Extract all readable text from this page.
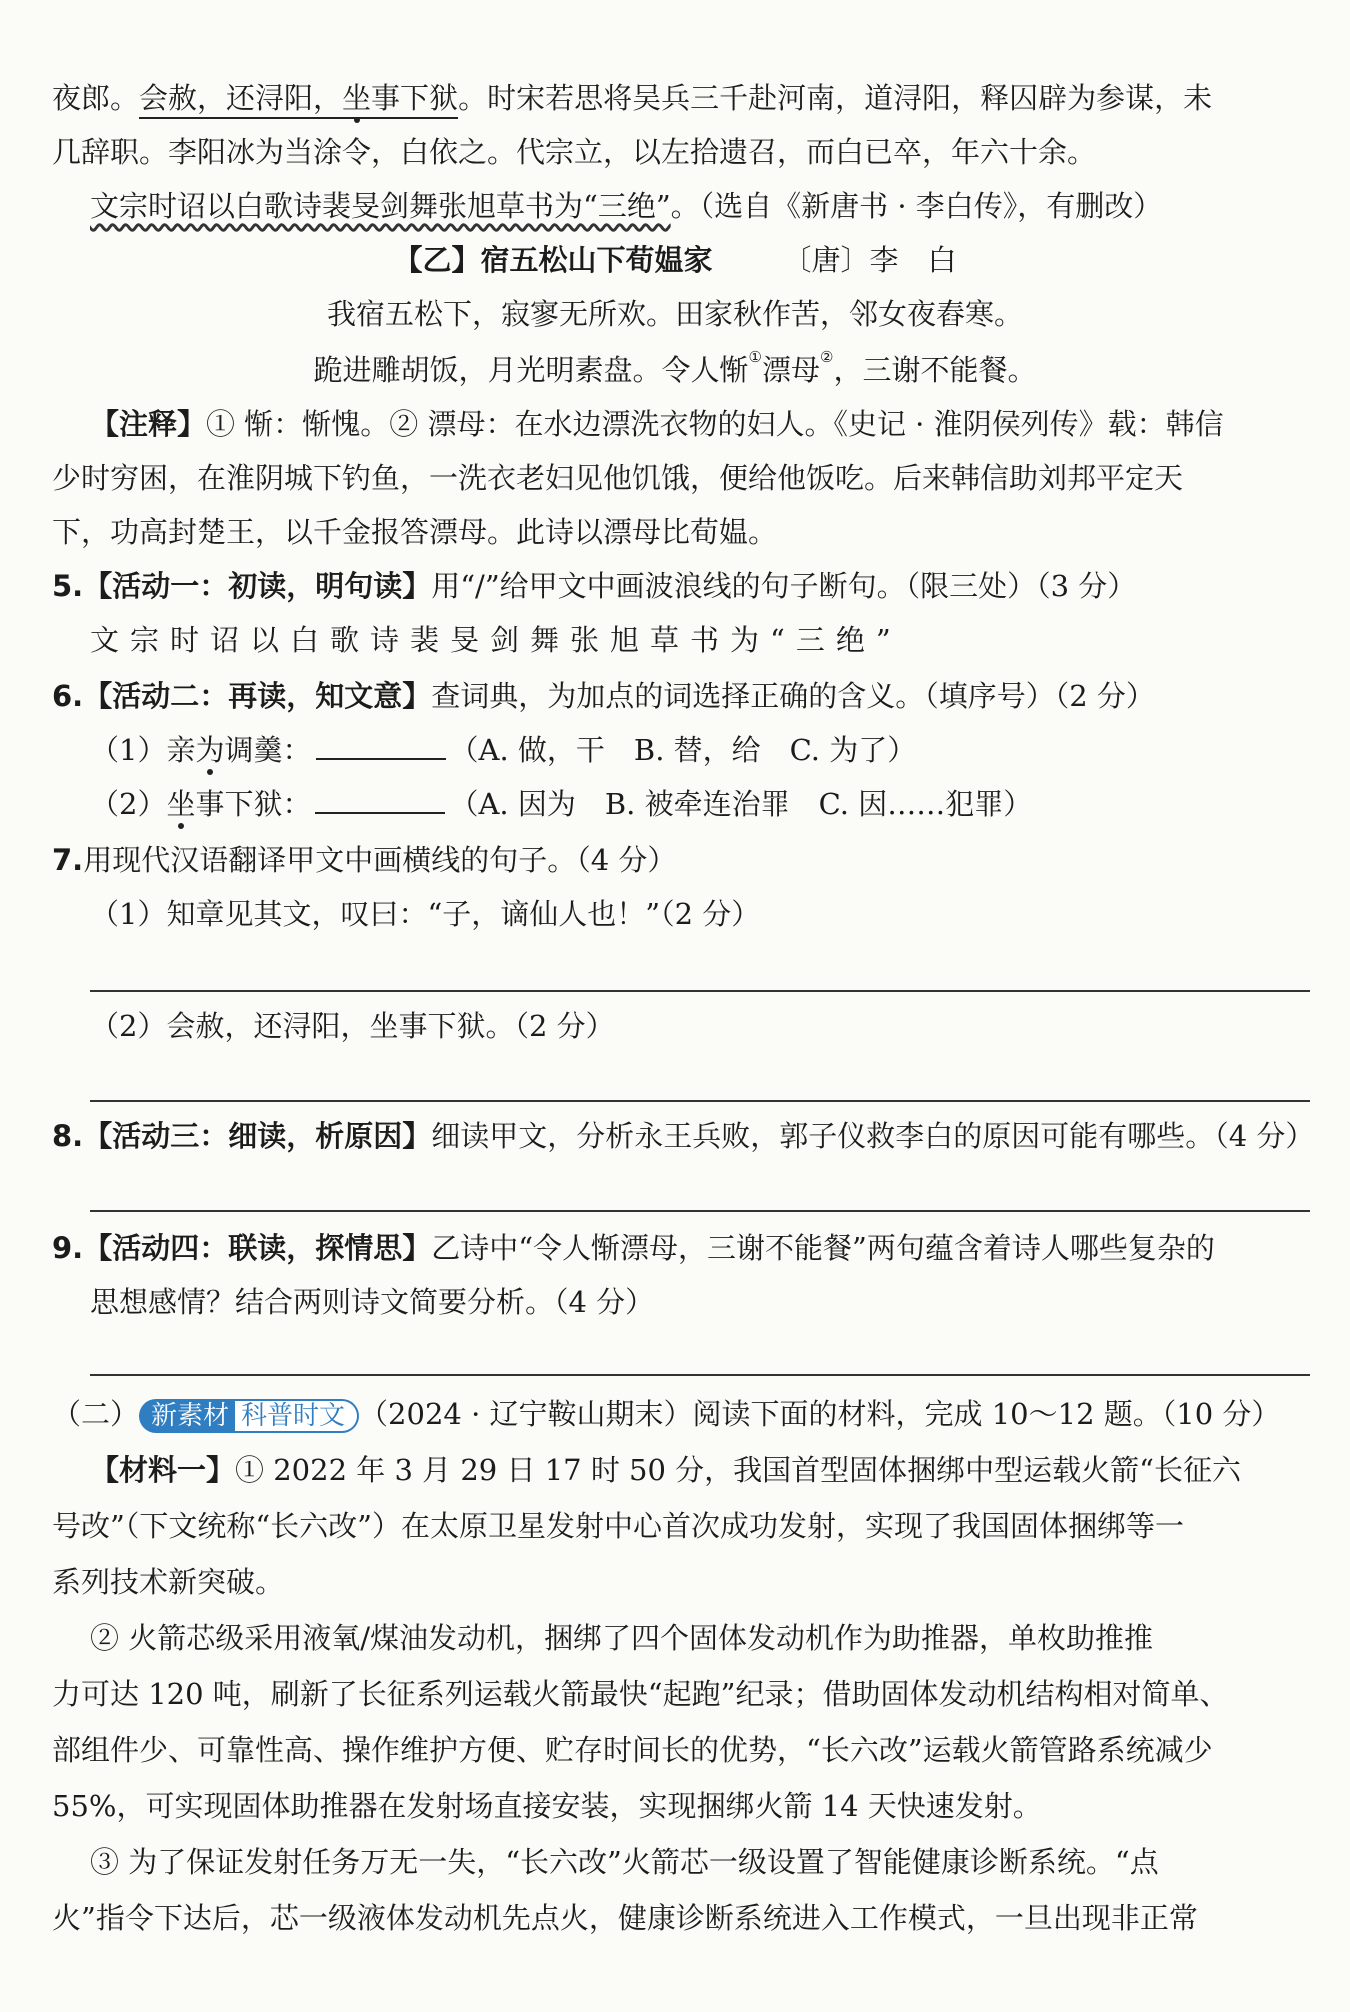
夜郎。会赦，还浔阳，坐事下狱。时宋若思将吴兵三千赴河南，道浔阳，释囚辟为参谋，未
几辞职。李阳冰为当涂令，白依之。代宗立，以左拾遗召，而白已卒，年六十余。
文宗时诏以白歌诗裴旻剑舞张旭草书为“三绝”。（选自《新唐书 · 李白传》，有删改）
【乙】宿五松山下荀媪家 〔唐〕李　白
我宿五松下，寂寥无所欢。田家秋作苦，邻女夜舂寒。
跪进雕胡饭，月光明素盘。令人惭①漂母②，三谢不能餐。
【注释】① 惭：惭愧。② 漂母：在水边漂洗衣物的妇人。《史记 · 淮阴侯列传》载：韩信
少时穷困，在淮阴城下钓鱼，一洗衣老妇见他饥饿，便给他饭吃。后来韩信助刘邦平定天
下，功高封楚王，以千金报答漂母。此诗以漂母比荀媪。
5.【活动一：初读，明句读】用“/”给甲文中画波浪线的句子断句。（限三处）（3 分）
文宗时诏以白歌诗裴旻剑舞张旭草书为“三绝”
6.【活动二：再读，知文意】查词典，为加点的词选择正确的含义。（填序号）（2 分）
（1）亲为调羹：	（A. 做，干　B. 替，给　C. 为了）
（2）坐事下狱：	（A. 因为　B. 被牵连治罪　C. 因……犯罪）
7.用现代汉语翻译甲文中画横线的句子。（4 分）
（1）知章见其文，叹曰：“子，谪仙人也！”（2 分）
（2）会赦，还浔阳，坐事下狱。（2 分）
8.【活动三：细读，析原因】细读甲文，分析永王兵败，郭子仪救李白的原因可能有哪些。（4 分）
9.【活动四：联读，探情思】乙诗中“令人惭漂母，三谢不能餐”两句蕴含着诗人哪些复杂的
思想感情？结合两则诗文简要分析。（4 分）
（二） 新素材 科普时文 （2024 · 辽宁鞍山期末）阅读下面的材料，完成 10～12 题。（10 分）
【材料一】① 2022 年 3 月 29 日 17 时 50 分，我国首型固体捆绑中型运载火箭“长征六
号改”（下文统称“长六改”）在太原卫星发射中心首次成功发射，实现了我国固体捆绑等一
系列技术新突破。
② 火箭芯级采用液氧/煤油发动机，捆绑了四个固体发动机作为助推器，单枚助推推
力可达 120 吨，刷新了长征系列运载火箭最快“起跑”纪录；借助固体发动机结构相对简单、
部组件少、可靠性高、操作维护方便、贮存时间长的优势，“长六改”运载火箭管路系统减少
55%，可实现固体助推器在发射场直接安装，实现捆绑火箭 14 天快速发射。
③ 为了保证发射任务万无一失，“长六改”火箭芯一级设置了智能健康诊断系统。“点
火”指令下达后，芯一级液体发动机先点火，健康诊断系统进入工作模式，一旦出现非正常
